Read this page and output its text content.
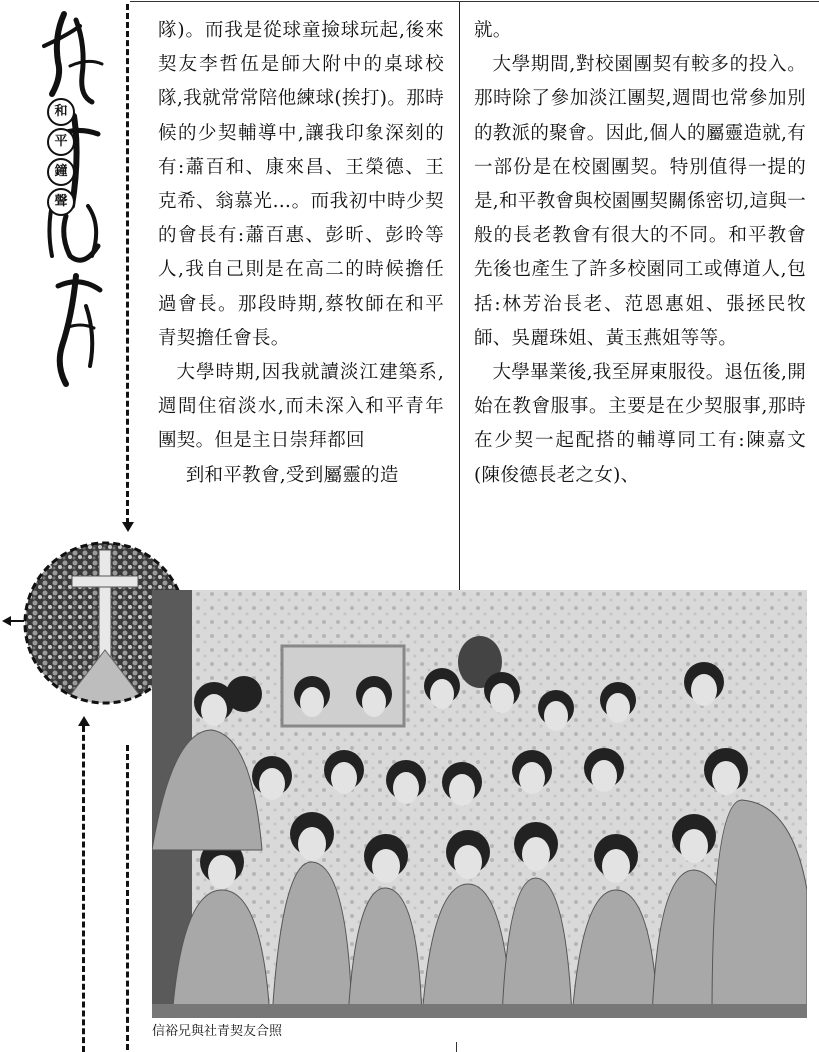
和
平
鐘
聲

隊)。而我是從球童撿球玩起,後來契友李哲伍是師大附中的桌球校隊,我就常常陪他練球(挨打)。那時候的少契輔導中,讓我印象深刻的有:蕭百和、康來昌、王榮德、王克希、翁慕光…。而我初中時少契的會長有:蕭百惠、彭昕、彭昤等人,我自己則是在高二的時候擔任過會長。那段時期,蔡牧師在和平青契擔任會長。

大學時期,因我就讀淡江建築系,週間住宿淡水,而未深入和平青年團契。但是主日崇拜都回

到和平教會,受到屬靈的造

就。

大學期間,對校園團契有較多的投入。那時除了參加淡江團契,週間也常參加別的教派的聚會。因此,個人的屬靈造就,有一部份是在校園團契。特別值得一提的是,和平教會與校園團契關係密切,這與一般的長老教會有很大的不同。和平教會先後也產生了許多校園同工或傳道人,包括:林芳治長老、范恩惠姐、張拯民牧師、吳麗珠姐、黃玉燕姐等等。

大學畢業後,我至屏東服役。退伍後,開始在教會服事。主要是在少契服事,那時在少契一起配搭的輔導同工有:陳嘉文(陳俊德長老之女)、

信裕兄與社青契友合照
